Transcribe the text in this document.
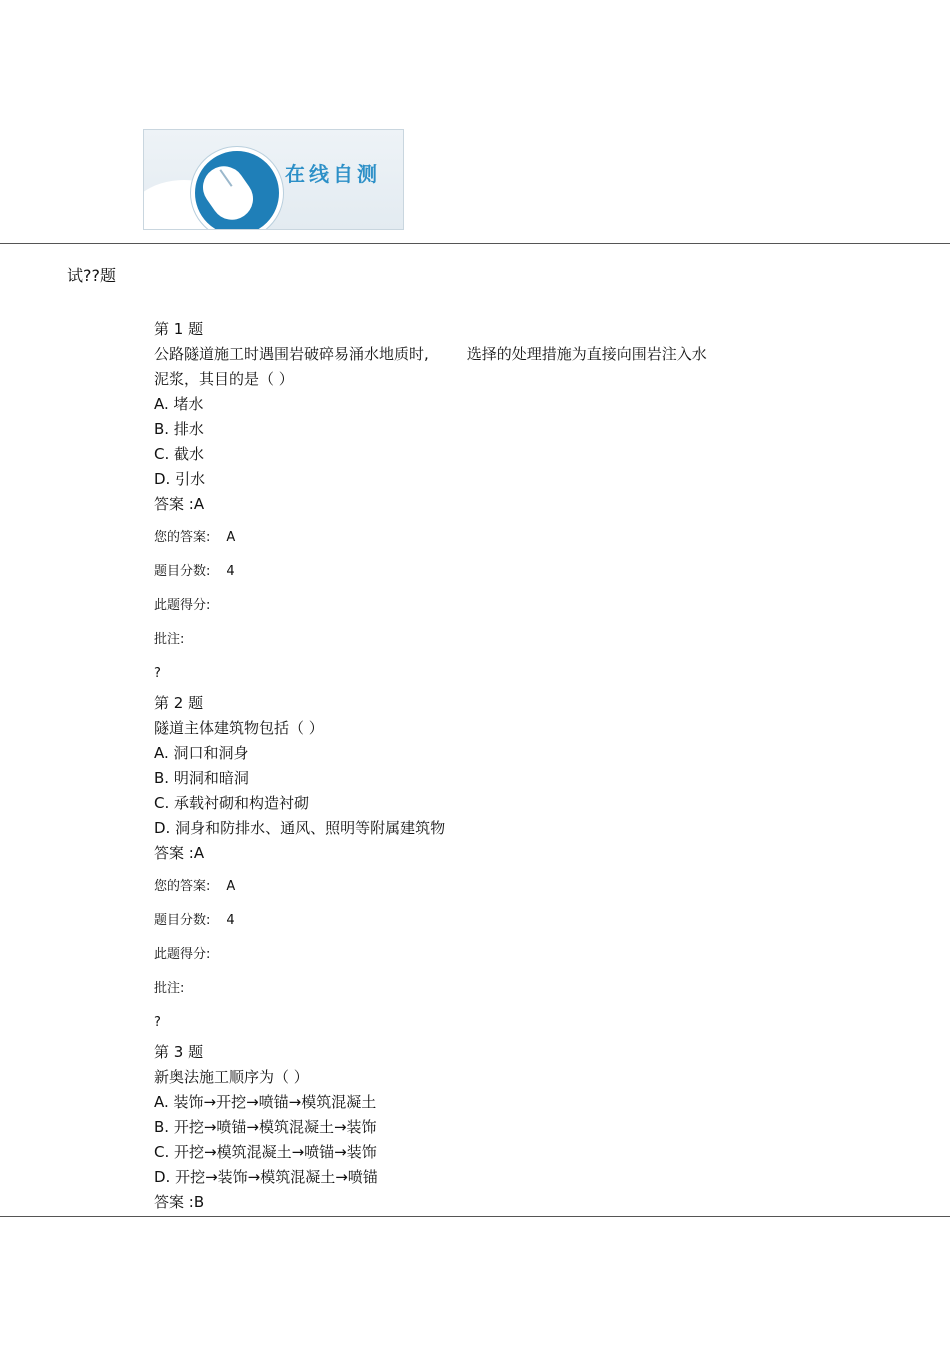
在线自测
试??题
第 1 题
公路隧道施工时遇围岩破碎易涌水地质时,	选择的处理措施为直接向围岩注入水
泥浆，其目的是（ ）
A. 堵水
B. 排水
C. 截水
D. 引水
答案 :A
您的答案: A
题目分数: 4
此题得分:
批注:
?
第 2 题
隧道主体建筑物包括（ ）
A. 洞口和洞身
B. 明洞和暗洞
C. 承载衬砌和构造衬砌
D. 洞身和防排水、通风、照明等附属建筑物
答案 :A
您的答案: A
题目分数: 4
此题得分:
批注:
?
第 3 题
新奥法施工顺序为（ ）
A. 装饰→开挖→喷锚→模筑混凝土
B. 开挖→喷锚→模筑混凝土→装饰
C. 开挖→模筑混凝土→喷锚→装饰
D. 开挖→装饰→模筑混凝土→喷锚
答案 :B
